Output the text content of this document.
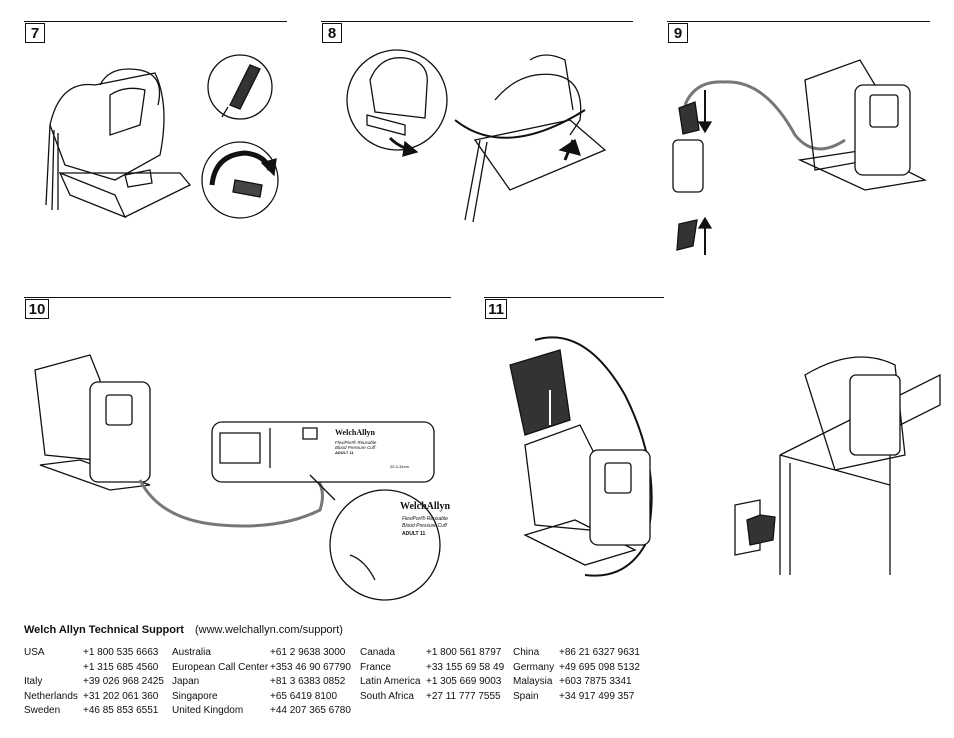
7	8	9
10	11
WelchAllyn
FlexiPort® Reusable
Blood Pressure Cuff
ADULT 11
25.3-34cm
WelchAllyn
FlexiPort® Reusable
Blood Pressure Cuff
ADULT 11
Welch Allyn Technical Support (www.welchallyn.com/support)
USA	+1 800 535 6663
+1 315 685 4560
Italy	+39 026 968 2425
Netherlands +31 202 061 360
Sweden	+46 85 853 6551
Australia	+61 2 9638 3000
European Call Center +353 46 90 67790
Japan	+81 3 6383 0852
Singapore	+65 6419 8100
United Kingdom	+44 207 365 6780
Canada	+1 800 561 8797
France	+33 155 69 58 49
Latin America +1 305 669 9003
South Africa	+27 11 777 7555
China	+86 21 6327 9631
Germany +49 695 098 5132
Malaysia +603 7875 3341
Spain	+34 917 499 357
